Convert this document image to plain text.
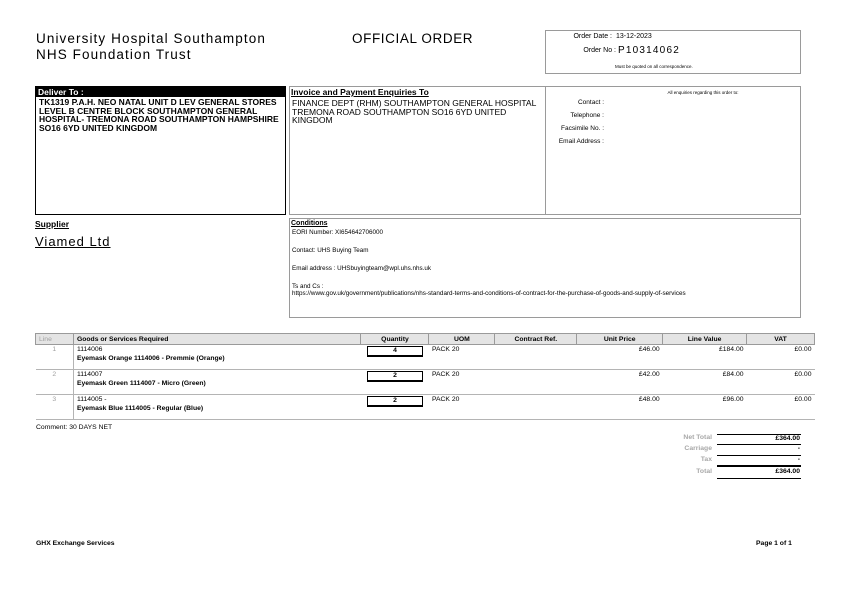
University Hospital Southampton
NHS Foundation Trust
OFFICIAL ORDER	Order Date : 13-12-2023
Order No : P10314062
Must be quoted on all correspondence.
Deliver To :
TK1319 P.A.H. NEO NATAL UNIT D LEV GENERAL STORES LEVEL B CENTRE BLOCK SOUTHAMPTON GENERAL HOSPITAL- TREMONA ROAD SOUTHAMPTON HAMPSHIRE SO16 6YD UNITED KINGDOM
Invoice and Payment Enquiries To
FINANCE DEPT (RHM) SOUTHAMPTON GENERAL HOSPITAL TREMONA ROAD SOUTHAMPTON SO16 6YD UNITED KINGDOM
All enquiries regarding this order to:
Contact :
Telephone :
Facsimile No. :
Email Address :
Supplier
Viamed Ltd
Conditions
EORI Number: XI654642706000
Contact: UHS Buying Team
Email address : UHSbuyingteam@wpl.uhs.nhs.uk
Ts and Cs :
https://www.gov.uk/government/publications/nhs-standard-terms-and-conditions-of-contract-for-the-purchase-of-goods-and-supply-of-services
Line	Goods or Services Required	Quantity	UOM	Contract Ref.	Unit Price	Line Value	VAT
1	1114006
Eyemask Orange 1114006 - Premmie (Orange)	4	PACK 20		£46.00	£184.00	£0.00
2	1114007
Eyemask Green 1114007 - Micro (Green)	2	PACK 20		£42.00	£84.00	£0.00
3	1114005 -
Eyemask Blue 1114005 - Regular (Blue)	2	PACK 20		£48.00	£96.00	£0.00
Comment: 30 DAYS NET
Net Total	£364.00
Carriage	-
Tax	-
Total	£364.00
GHX Exchange Services	Page 1 of 1
